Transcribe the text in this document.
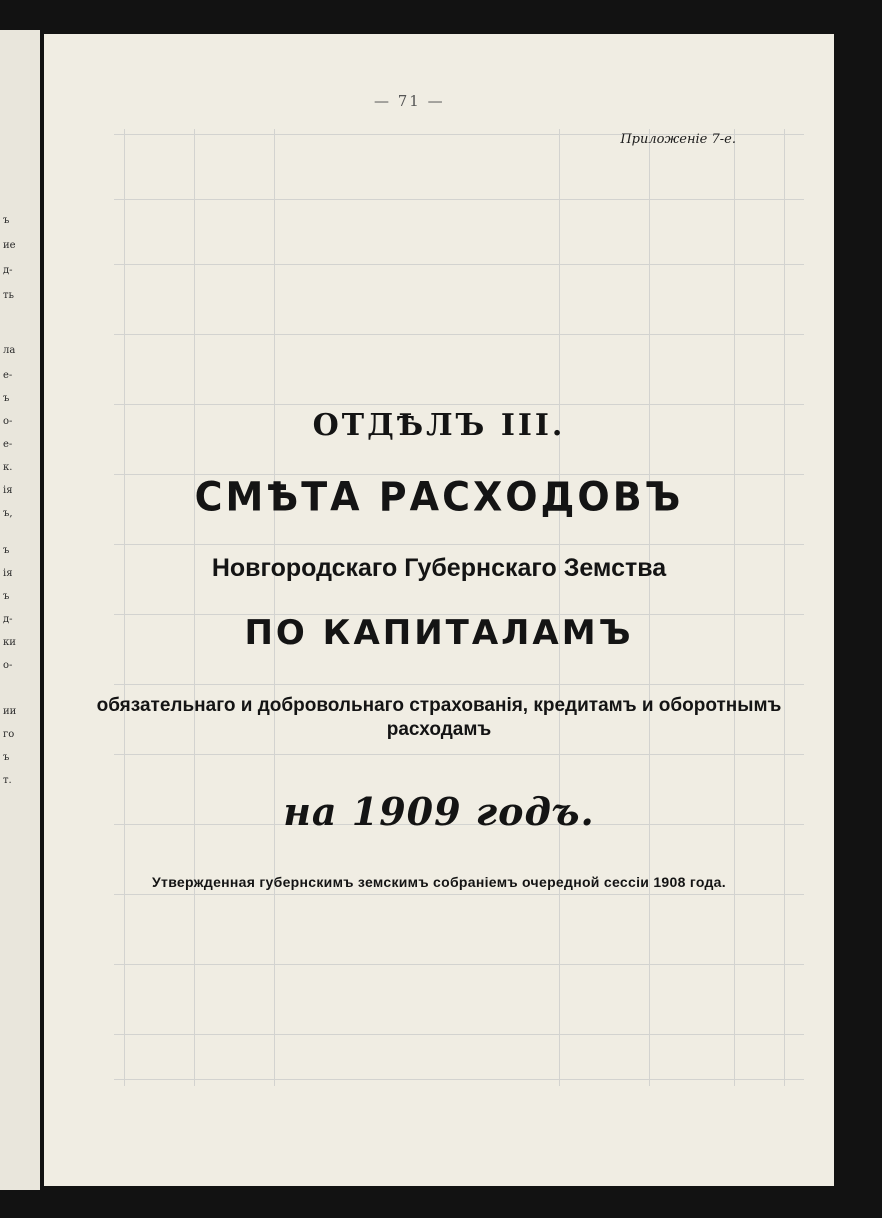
ъ
ие
д-
ть
ла
е-
ъ
о-
е-
к.
ія
ъ,
ъ
ія
ъ
д-
ки
о-
ии
го
ъ
т.
— 71 —
Приложеніе 7-е.
ОТДѢЛЪ III.
СМѢТА РАСХОДОВЪ
Новгородскаго Губернскаго Земства
ПО КАПИТАЛАМЪ
обязательнаго и добровольнаго страхованія, кредитамъ и оборотнымъ расходамъ
на 1909 годъ.
Утвержденная губернскимъ земскимъ собраніемъ очередной сессіи 1908 года.
